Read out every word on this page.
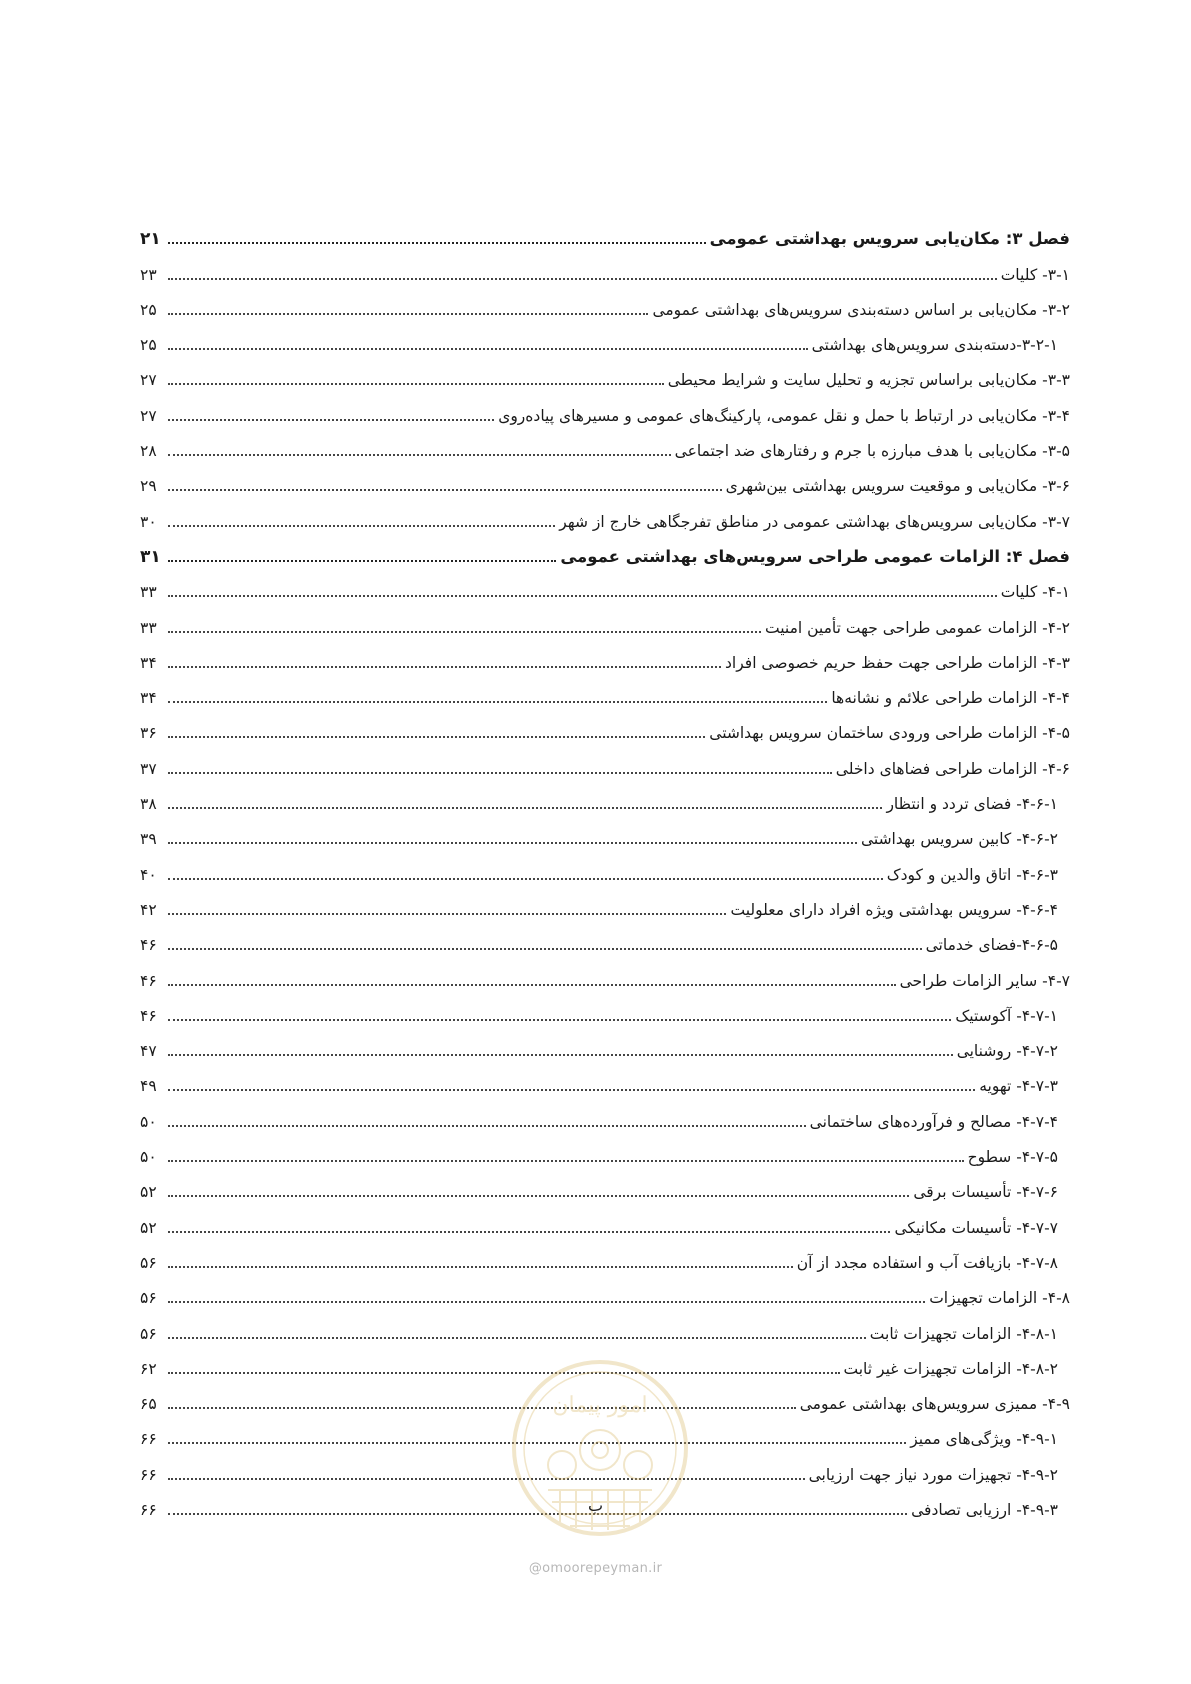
فصل ۳: مکان‌یابی سرویس بهداشتی عمومی
۲۱
۳-۱- کلیات
۲۳
۳-۲- مکان‌یابی بر اساس دسته‌بندی سرویس‌های بهداشتی عمومی
۲۵
۳-۲-۱-دسته‌بندی سرویس‌های بهداشتی
۲۵
۳-۳- مکان‌یابی براساس تجزیه و تحلیل سایت و شرایط محیطی
۲۷
۳-۴- مکان‌یابی در ارتباط با حمل و نقل عمومی، پارکینگ‌های عمومی و مسیرهای پیاده‌روی
۲۷
۳-۵- مکان‌یابی با هدف مبارزه با جرم و رفتارهای ضد اجتماعی
۲۸
۳-۶- مکان‌یابی و موقعیت سرویس بهداشتی بین‌شهری
۲۹
۳-۷- مکان‌یابی سرویس‌های بهداشتی عمومی در مناطق تفرجگاهی خارج از شهر
۳۰
فصل ۴: الزامات عمومی طراحی سرویس‌های بهداشتی عمومی
۳۱
۴-۱- کلیات
۳۳
۴-۲- الزامات عمومی طراحی جهت تأمین امنیت
۳۳
۴-۳- الزامات طراحی جهت حفظ حریم خصوصی افراد
۳۴
۴-۴- الزامات طراحی علائم و نشانه‌ها
۳۴
۴-۵- الزامات طراحی ورودی ساختمان سرویس بهداشتی
۳۶
۴-۶- الزامات طراحی فضاهای داخلی
۳۷
۴-۶-۱- فضای تردد و انتظار
۳۸
۴-۶-۲- کابین سرویس بهداشتی
۳۹
۴-۶-۳- اتاق والدین و کودک
۴۰
۴-۶-۴- سرویس بهداشتی ویژه افراد دارای معلولیت
۴۲
۴-۶-۵-فضای خدماتی
۴۶
۴-۷- سایر الزامات طراحی
۴۶
۴-۷-۱- آکوستیک
۴۶
۴-۷-۲- روشنایی
۴۷
۴-۷-۳- تهویه
۴۹
۴-۷-۴- مصالح و فرآورده‌های ساختمانی
۵۰
۴-۷-۵- سطوح
۵۰
۴-۷-۶- تأسیسات برقی
۵۲
۴-۷-۷- تأسیسات مکانیکی
۵۲
۴-۷-۸- بازیافت آب و استفاده مجدد از آن
۵۶
۴-۸- الزامات تجهیزات
۵۶
۴-۸-۱- الزامات تجهیزات ثابت
۵۶
۴-۸-۲- الزامات تجهیزات غیر ثابت
۶۲
۴-۹- ممیزی سرویس‌های بهداشتی عمومی
۶۵
۴-۹-۱- ویژگی‌های ممیز
۶۶
۴-۹-۲- تجهیزات مورد نیاز جهت ارزیابی
۶۶
۴-۹-۳- ارزیابی تصادفی
۶۶
امور پیمان
ب
@omoorepeyman.ir
